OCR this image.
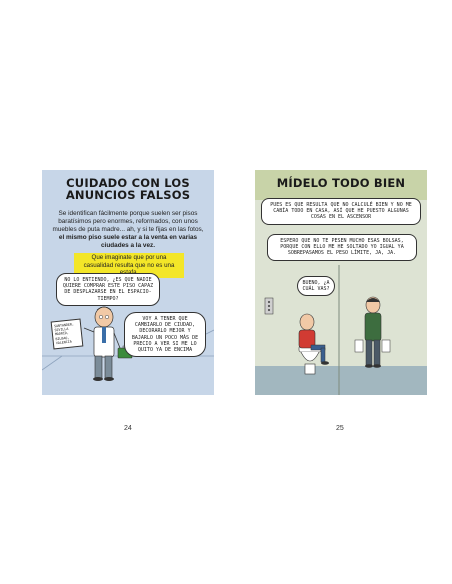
CUIDADO CON LOS
ANUNCIOS FALSOS
Se identifican fácilmente porque suelen ser pisos baratísimos pero enormes, reformados, con unos muebles de puta madre... ah, y si te fijas en las fotos, el mismo piso suele estar a la venta en varias ciudades a la vez.
Que imaginate que por una casualidad resulta que no es una
SANTANDER, SEVILLA MADRID, BILBAO, VALENCIA
NO LO ENTIENDO, ¿ES QUE NADIE QUIERE COMPRAR ESTE PISO CAPAZ DE DESPLAZARSE EN EL ESPACIO-TIEMPO?
VOY A TENER QUE CAMBIARLO DE CIUDAD, DECORARLO MEJOR Y BAJARLO UN POCO MÁS DE PRECIO A VER SI ME LO QUITO YA DE ENCIMA
MÍDELO TODO BIEN
PUES ES QUE RESULTA QUE NO CALCULÉ BIEN Y NO ME CABÍA TODO EN CASA, ASÍ QUE HE PUESTO ALGUNAS COSAS EN EL ASCENSOR
ESPERO QUE NO TE PESEN MUCHO ESAS BOLSAS, PORQUE CON ELLO ME HE SOLTADO YO IGUAL YA SOBREPASAMOS EL PESO LÍMITE, JA, JA.
BUENO, ¿A CUÁL VAS?
24	25
